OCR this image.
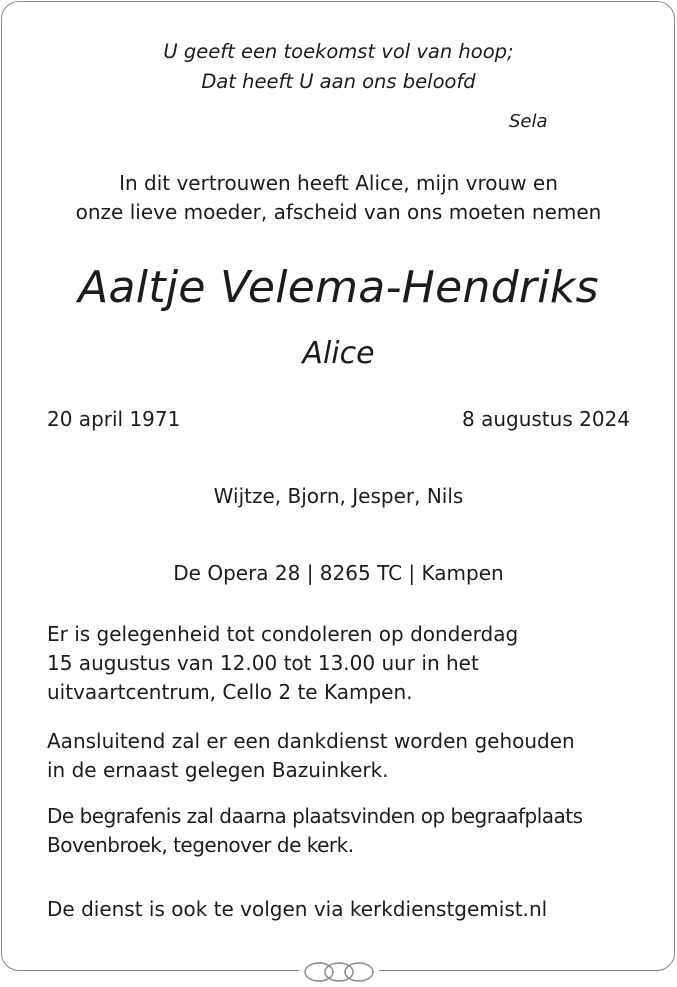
U geeft een toekomst vol van hoop;
Dat heeft U aan ons beloofd
Sela
In dit vertrouwen heeft Alice, mijn vrouw en
onze lieve moeder, afscheid van ons moeten nemen
Aaltje Velema-Hendriks
Alice
20 april 1971	8 augustus 2024
Wijtze, Bjorn, Jesper, Nils
De Opera 28 | 8265 TC | Kampen
Er is gelegenheid tot condoleren op donderdag
15 augustus van 12.00 tot 13.00 uur in het
uitvaartcentrum, Cello 2 te Kampen.
Aansluitend zal er een dankdienst worden gehouden
in de ernaast gelegen Bazuinkerk.
De begrafenis zal daarna plaatsvinden op begraafplaats
Bovenbroek, tegenover de kerk.
De dienst is ook te volgen via kerkdienstgemist.nl
